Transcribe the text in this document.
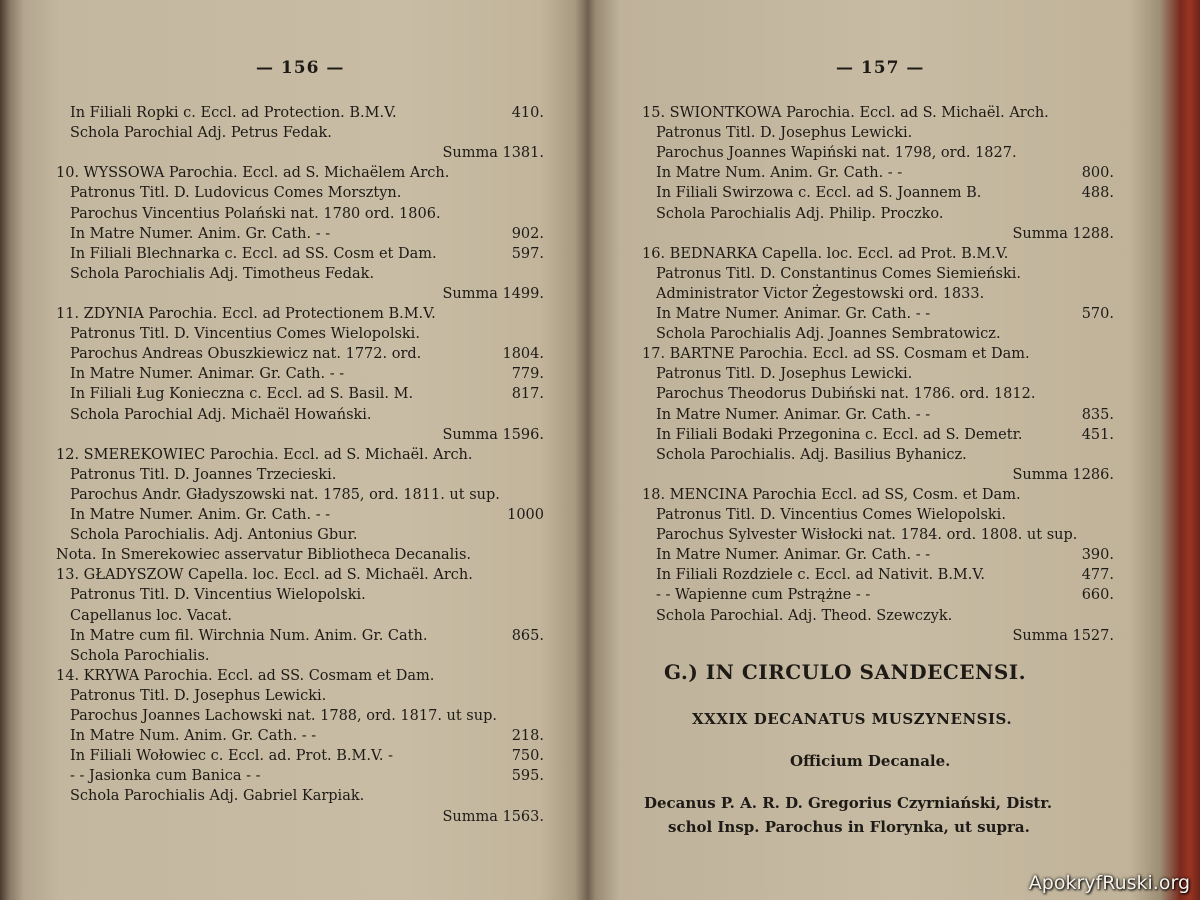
— 156 —
In Filiali Ropki c. Eccl. ad Protection. B.M.V.	410.
Schola Parochial Adj. Petrus Fedak.
Summa 1381.
10. WYSSOWA Parochia. Eccl. ad S. Michaëlem Arch.
Patronus Titl. D. Ludovicus Comes Morsztyn.
Parochus Vincentius Polański nat. 1780 ord. 1806.
In Matre Numer. Anim. Gr. Cath. - -	902.
In Filiali Blechnarka c. Eccl. ad SS. Cosm et Dam.	597.
Schola Parochialis Adj. Timotheus Fedak.
Summa 1499.
11. ZDYNIA Parochia. Eccl. ad Protectionem B.M.V.
Patronus Titl. D. Vincentius Comes Wielopolski.
Parochus Andreas Obuszkiewicz nat. 1772. ord.	1804.
In Matre Numer. Animar. Gr. Cath. - -	779.
In Filiali Ług Konieczna c. Eccl. ad S. Basil. M.	817.
Schola Parochial Adj. Michaël Howański.
Summa 1596.
12. SMEREKOWIEC Parochia. Eccl. ad S. Michaël. Arch.
Patronus Titl. D. Joannes Trzecieski.
Parochus Andr. Gładyszowski nat. 1785, ord. 1811. ut sup.
In Matre Numer. Anim. Gr. Cath. - -	1000
Schola Parochialis. Adj. Antonius Gbur.
Nota. In Smerekowiec asservatur Bibliotheca Decanalis.
13. GŁADYSZOW Capella. loc. Eccl. ad S. Michaël. Arch.
Patronus Titl. D. Vincentius Wielopolski.
Capellanus loc. Vacat.
In Matre cum fil. Wirchnia Num. Anim. Gr. Cath.	865.
Schola Parochialis.
14. KRYWA Parochia. Eccl. ad SS. Cosmam et Dam.
Patronus Titl. D. Josephus Lewicki.
Parochus Joannes Lachowski nat. 1788, ord. 1817. ut sup.
In Matre Num. Anim. Gr. Cath. - -	218.
In Filiali Wołowiec c. Eccl. ad. Prot. B.M.V. -	750.
- - Jasionka cum Banica - -	595.
Schola Parochialis Adj. Gabriel Karpiak.
Summa 1563.
— 157 —
15. SWIONTKOWA Parochia. Eccl. ad S. Michaël. Arch.
Patronus Titl. D. Josephus Lewicki.
Parochus Joannes Wapiński nat. 1798, ord. 1827.
In Matre Num. Anim. Gr. Cath. - -	800.
In Filiali Swirzowa c. Eccl. ad S. Joannem B.	488.
Schola Parochialis Adj. Philip. Proczko.
Summa 1288.
16. BEDNARKA Capella. loc. Eccl. ad Prot. B.M.V.
Patronus Titl. D. Constantinus Comes Siemieński.
Administrator Victor Żegestowski ord. 1833.
In Matre Numer. Animar. Gr. Cath. - -	570.
Schola Parochialis Adj. Joannes Sembratowicz.
17. BARTNE Parochia. Eccl. ad SS. Cosmam et Dam.
Patronus Titl. D. Josephus Lewicki.
Parochus Theodorus Dubiński nat. 1786. ord. 1812.
In Matre Numer. Animar. Gr. Cath. - -	835.
In Filiali Bodaki Przegonina c. Eccl. ad S. Demetr.	451.
Schola Parochialis. Adj. Basilius Byhanicz.
Summa 1286.
18. MENCINA Parochia Eccl. ad SS, Cosm. et Dam.
Patronus Titl. D. Vincentius Comes Wielopolski.
Parochus Sylvester Wisłocki nat. 1784. ord. 1808. ut sup.
In Matre Numer. Animar. Gr. Cath. - -	390.
In Filiali Rozdziele c. Eccl. ad Nativit. B.M.V.	477.
- - Wapienne cum Pstrążne - -	660.
Schola Parochial. Adj. Theod. Szewczyk.
Summa 1527.
G.) IN CIRCULO SANDECENSI.
XXXIX DECANATUS MUSZYNENSIS.
Officium Decanale.
Decanus P. A. R. D. Gregorius Czyrniański, Distr.
schol Insp. Parochus in Florynka, ut supra.
ApokryfRuski.org
